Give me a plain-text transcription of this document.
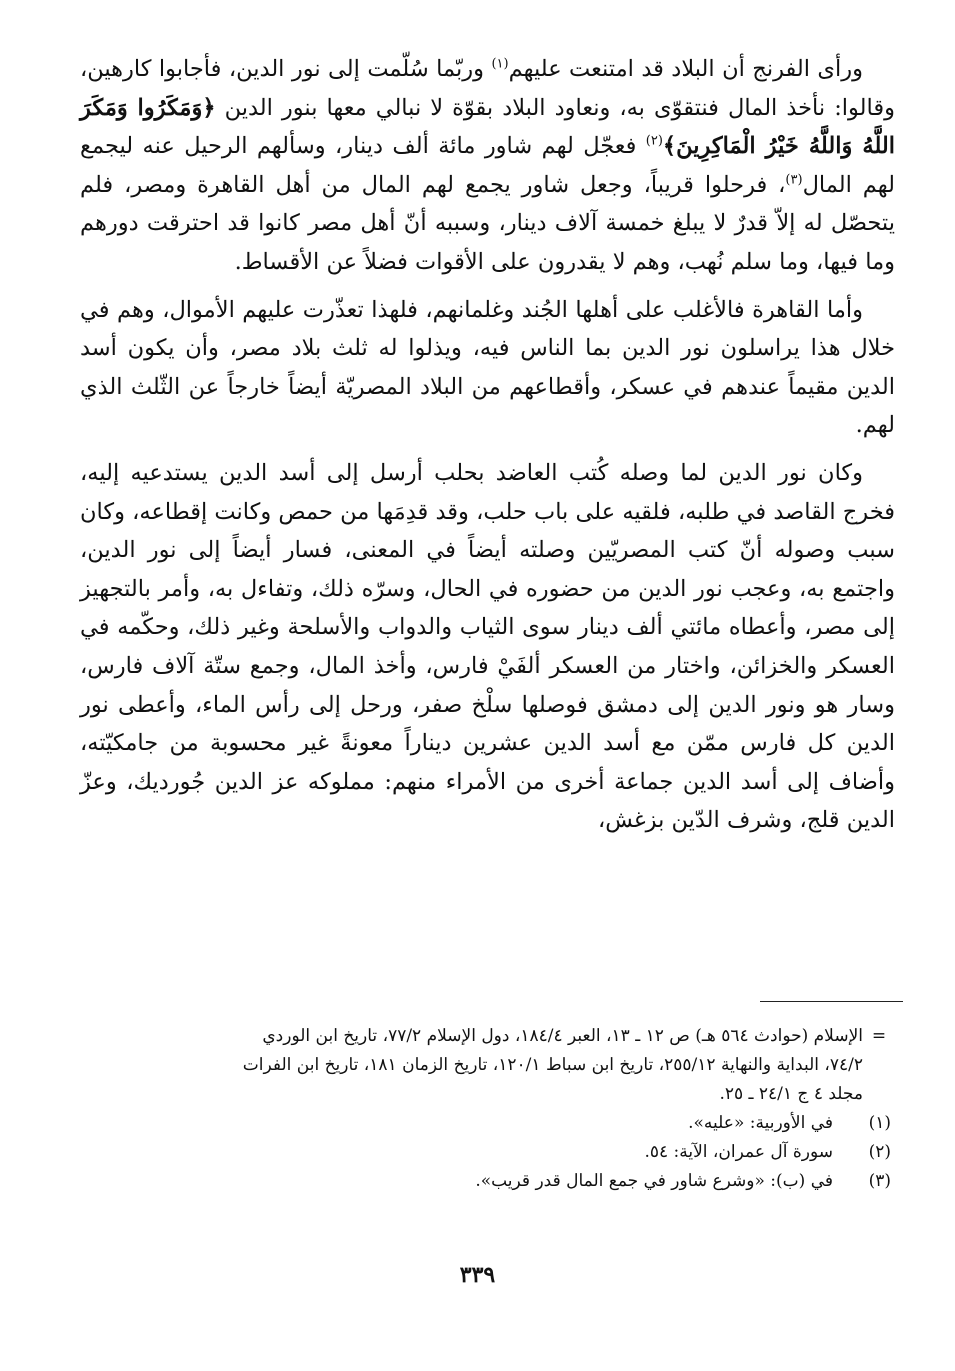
ورأى الفرنج أن البلاد قد امتنعت عليهم$^{(١)}$ وربّما سُلّمت إلى نور الدين، فأجابوا كارهين، وقالوا: نأخذ المال فنتقوّى به، ونعاود البلاد بقوّة لا نبالي معها بنور الدين ﴿وَمَكَرُوا وَمَكَرَ اللَّهُ وَاللَّهُ خَيْرُ الْمَاكِرِينَ﴾$^{(٢)}$ فعجّل لهم شاور مائة ألف دينار، وسألهم الرحيل عنه ليجمع لهم المال$^{(٣)}$، فرحلوا قريباً، وجعل شاور يجمع لهم المال من أهل القاهرة ومصر، فلم يتحصّل له إلاّ قدرٌ لا يبلغ خمسة آلاف دينار، وسببه أنّ أهل مصر كانوا قد احترقت دورهم وما فيها، وما سلم نُهب، وهم لا يقدرون على الأقوات فضلاً عن الأقساط.

وأما القاهرة فالأغلب على أهلها الجُند وغلمانهم، فلهذا تعذّرت عليهم الأموال، وهم في خلال هذا يراسلون نور الدين بما الناس فيه، ويذلوا له ثلث بلاد مصر، وأن يكون أسد الدين مقيماً عندهم في عسكر، وأقطاعهم من البلاد المصريّة أيضاً خارجاً عن الثّلث الذي لهم.

وكان نور الدين لما وصله كُتب العاضد بحلب أرسل إلى أسد الدين يستدعيه إليه، فخرج القاصد في طلبه، فلقيه على باب حلب، وقد قدِمَها من حمص وكانت إقطاعه، وكان سبب وصوله أنّ كتب المصريّين وصلته أيضاً في المعنى، فسار أيضاً إلى نور الدين، واجتمع به، وعجب نور الدين من حضوره في الحال، وسرّه ذلك، وتفاءل به، وأمر بالتجهيز إلى مصر، وأعطاه مائتي ألف دينار سوى الثياب والدواب والأسلحة وغير ذلك، وحكّمه في العسكر والخزائن، واختار من العسكر ألفَيْ فارس، وأخذ المال، وجمع ستّة آلاف فارس، وسار هو ونور الدين إلى دمشق فوصلها سلْخ صفر، ورحل إلى رأس الماء، وأعطى نور الدين كل فارس ممّن مع أسد الدين عشرين ديناراً معونةً غير محسوبة من جامكيّته، وأضاف إلى أسد الدين جماعة أخرى من الأمراء منهم: مملوكه عز الدين جُورديك، وعزّ الدين قلج، وشرف الدّين بزغش،

=
الإسلام (حوادث ٥٦٤ هـ) ص ١٢ ـ ١٣، العبر ١٨٤/٤، دول الإسلام ٧٧/٢، تاريخ ابن الوردي
٧٤/٢، البداية والنهاية ٢٥٥/١٢، تاريخ ابن سباط ١٢٠/١، تاريخ الزمان ١٨١، تاريخ ابن الفرات
مجلد ٤ ج ٢٤/١ ـ ٢٥.
(١)
في الأوربية: «عليه».
(٢)
سورة آل عمران، الآية: ٥٤.
(٣)
في (ب): «وشرع شاور في جمع المال قدر قريب».
٣٣٩
